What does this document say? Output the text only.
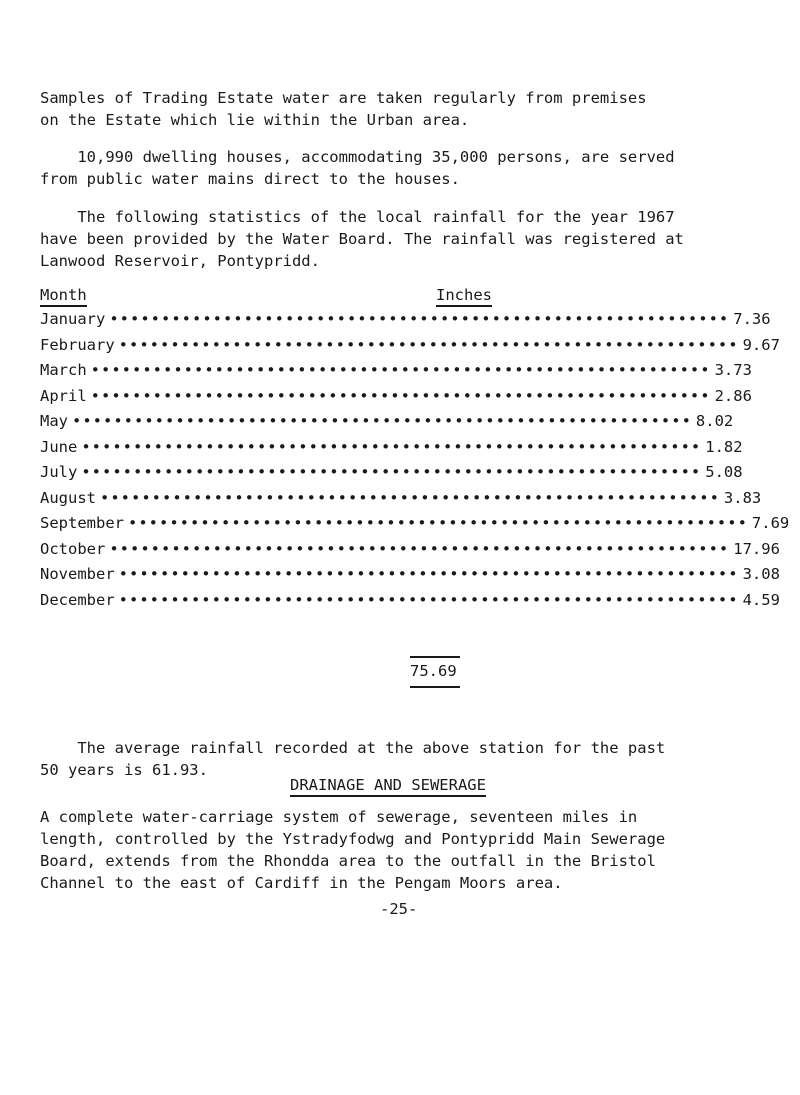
Samples of Trading Estate water are taken regularly from premises
on the Estate which lie within the Urban area.
10,990 dwelling houses, accommodating 35,000 persons, are served
from public water mains direct to the houses.
The following statistics of the local rainfall for the year 1967
have been provided by the Water Board. The rainfall was registered at
Lanwood Reservoir, Pontypridd.
Month	Inches
January •••••••••••••••••••••••••••••••••••••••••••••••••••••••••••• 7.36
February •••••••••••••••••••••••••••••••••••••••••••••••••••••••••••• 9.67
March •••••••••••••••••••••••••••••••••••••••••••••••••••••••••••• 3.73
April •••••••••••••••••••••••••••••••••••••••••••••••••••••••••••• 2.86
May •••••••••••••••••••••••••••••••••••••••••••••••••••••••••••• 8.02
June •••••••••••••••••••••••••••••••••••••••••••••••••••••••••••• 1.82
July •••••••••••••••••••••••••••••••••••••••••••••••••••••••••••• 5.08
August •••••••••••••••••••••••••••••••••••••••••••••••••••••••••••• 3.83
September •••••••••••••••••••••••••••••••••••••••••••••••••••••••••••• 7.69
October •••••••••••••••••••••••••••••••••••••••••••••••••••••••••••• 17.96
November •••••••••••••••••••••••••••••••••••••••••••••••••••••••••••• 3.08
December •••••••••••••••••••••••••••••••••••••••••••••••••••••••••••• 4.59
75.69
The average rainfall recorded at the above station for the past
50 years is 61.93.
DRAINAGE AND SEWERAGE
A complete water-carriage system of sewerage, seventeen miles in
length, controlled by the Ystradyfodwg and Pontypridd Main Sewerage
Board, extends from the Rhondda area to the outfall in the Bristol
Channel to the east of Cardiff in the Pengam Moors area.
-25-
